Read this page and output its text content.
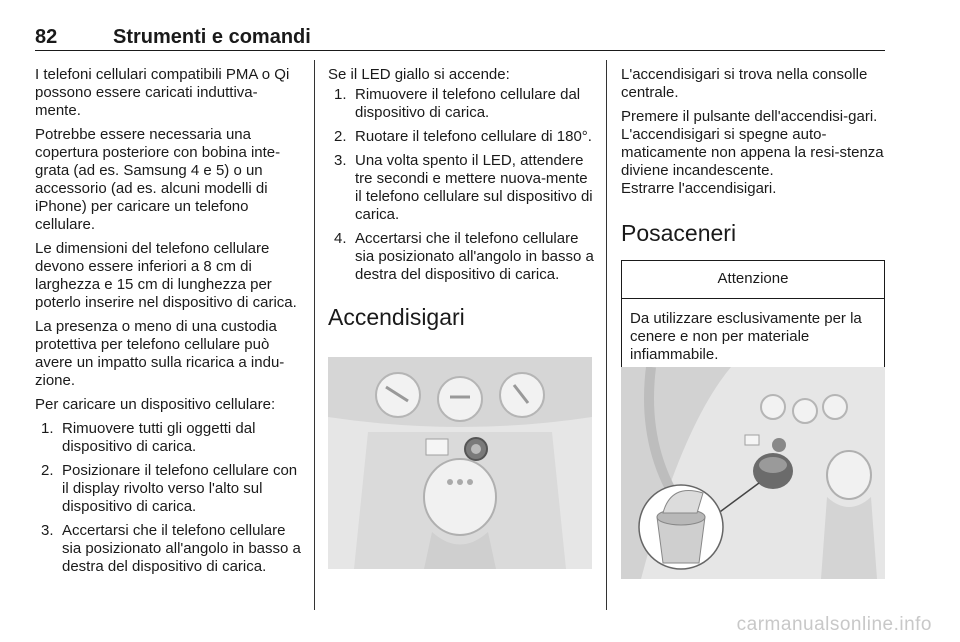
82	Strumenti e comandi

I telefoni cellulari compatibili PMA o Qi possono essere caricati induttiva-mente.

Potrebbe essere necessaria una copertura posteriore con bobina inte-grata (ad es. Samsung 4 e 5) o un accessorio (ad es. alcuni modelli di iPhone) per caricare un telefono cellulare.

Le dimensioni del telefono cellulare devono essere inferiori a 8 cm di larghezza e 15 cm di lunghezza per poterlo inserire nel dispositivo di carica.

La presenza o meno di una custodia protettiva per telefono cellulare può avere un impatto sulla ricarica a indu-zione.

Per caricare un dispositivo cellulare:

1. Rimuovere tutti gli oggetti dal dispositivo di carica.
2. Posizionare il telefono cellulare con il display rivolto verso l'alto sul dispositivo di carica.
3. Accertarsi che il telefono cellulare sia posizionato all'angolo in basso a destra del dispositivo di carica.

Se il LED giallo si accende:

1. Rimuovere il telefono cellulare dal dispositivo di carica.
2. Ruotare il telefono cellulare di 180°.
3. Una volta spento il LED, attendere tre secondi e mettere nuova-mente il telefono cellulare sul dispositivo di carica.
4. Accertarsi che il telefono cellulare sia posizionato all'angolo in basso a destra del dispositivo di carica.
Accendisigari

L'accendisigari si trova nella consolle centrale.

Premere il pulsante dell'accendisi-gari. L'accendisigari si spegne auto-maticamente non appena la resi-stenza diviene incandescente.

Estrarre l'accendisigari.

Posaceneri
Attenzione
Da utilizzare esclusivamente per la cenere e non per materiale infiammabile.
carmanualsonline.info
